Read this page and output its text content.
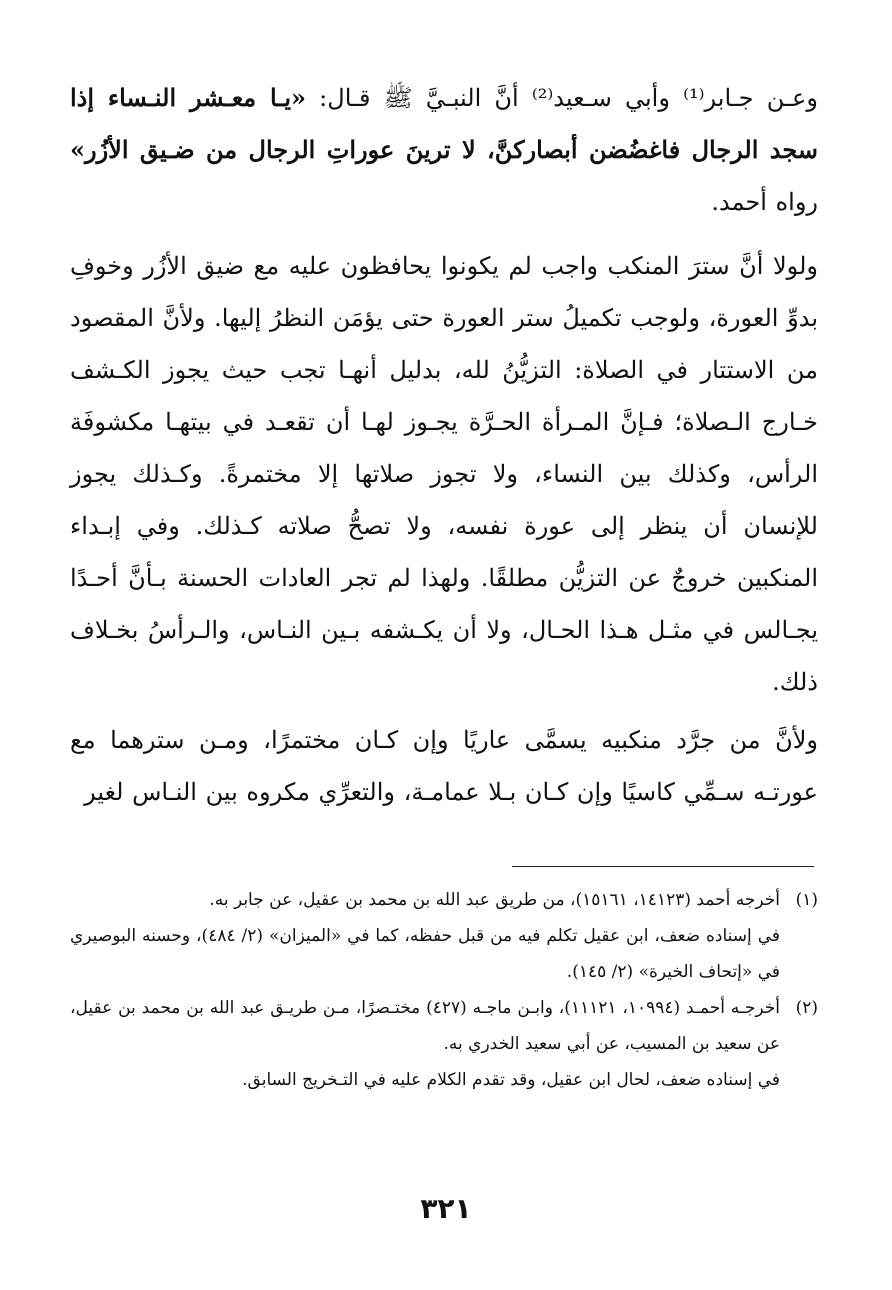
وعـن جـابر⁽¹⁾ وأبي سـعيد⁽²⁾ أنَّ النبـيَّ ﷺ قـال: «يـا معـشر النـساء إذا سجد الرجال فاغضُضن أبصاركنَّ، لا ترينَ عوراتِ الرجال من ضـيق الأزُر» رواه أحمد.
ولولا أنَّ سترَ المنكب واجب لم يكونوا يحافظون عليه مع ضيق الأزُر وخوفِ بدوِّ العورة، ولوجب تكميلُ ستر العورة حتى يؤمَن النظرُ إليها. ولأنَّ المقصود من الاستتار في الصلاة: التزيُّنُ لله، بدليل أنهـا تجب حيث يجوز الكـشف خـارج الـصلاة؛ فـإنَّ المـرأة الحـرَّة يجـوز لهـا أن تقعـد في بيتهـا مكشوفَة الرأس، وكذلك بين النساء، ولا تجوز صلاتها إلا مختمرةً. وكـذلك يجوز للإنسان أن ينظر إلى عورة نفسه، ولا تصحُّ صلاته كـذلك. وفي إبـداء المنكبين خروجٌ عن التزيُّن مطلقًا. ولهذا لم تجر العادات الحسنة بـأنَّ أحـدًا يجـالس في مثـل هـذا الحـال، ولا أن يكـشفه بـين النـاس، والـرأسُ بخـلاف ذلك.
ولأنَّ من جرَّد منكبيه يسمَّى عاريًا وإن كـان مختمرًا، ومـن سترهما مع عورتـه سـمِّي كاسيًا وإن كـان بـلا عمامـة، والتعرِّي مكروه بين النـاس لغير
(١)
أخرجه أحمد (١٤١٢٣، ١٥١٦١)، من طريق عبد الله بن محمد بن عقيل، عن جابر به.
في إسناده ضعف، ابن عقيل تكلم فيه من قبل حفظه، كما في «الميزان» (٢/ ٤٨٤)، وحسنه البوصيري في «إتحاف الخيرة» (٢/ ١٤٥).
(٢)
أخرجـه أحمـد (١٠٩٩٤، ١١١٢١)، وابـن ماجـه (٤٢٧) مختـصرًا، مـن طريـق عبد الله بن محمد بن عقيل، عن سعيد بن المسيب، عن أبي سعيد الخدري به.
في إسناده ضعف، لحال ابن عقيل، وقد تقدم الكلام عليه في التـخريج السابق.
٣٢١
